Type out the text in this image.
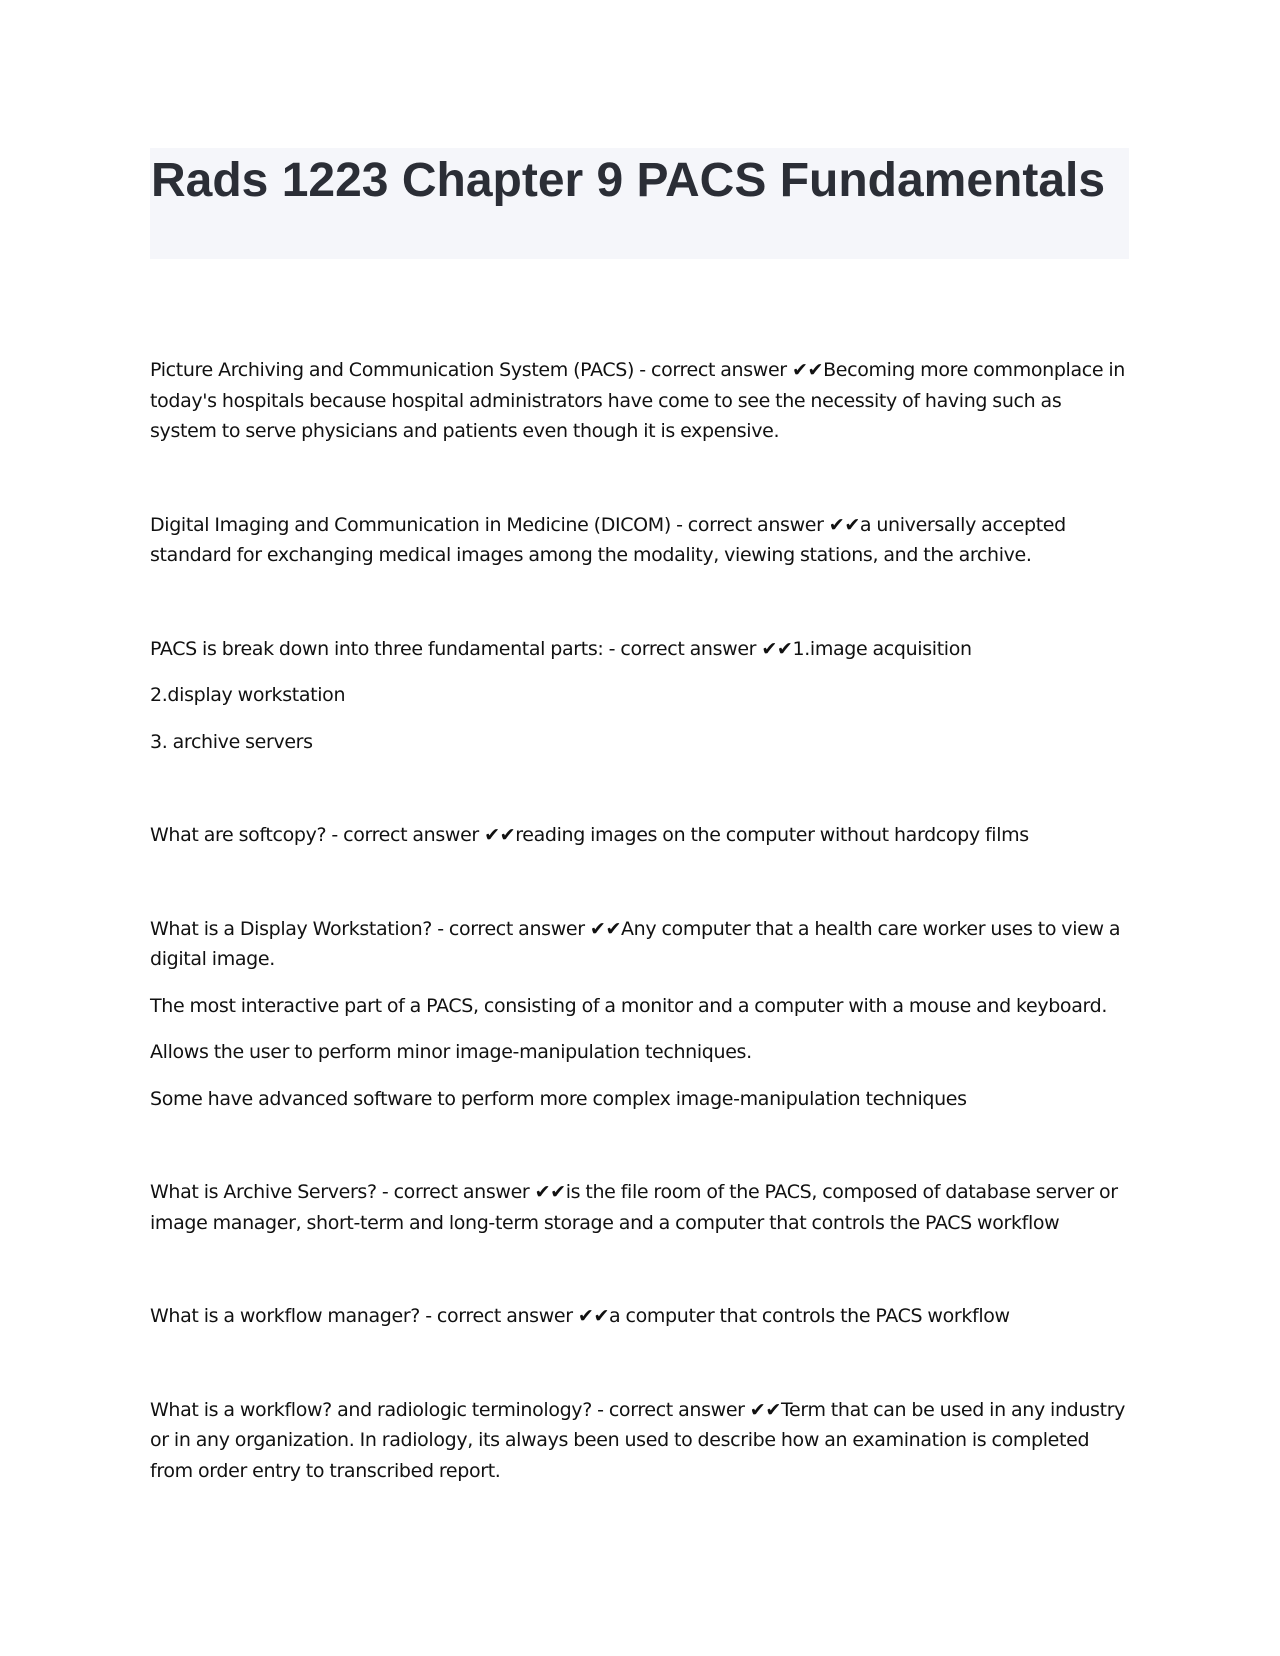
Rads 1223 Chapter 9 PACS Fundamentals

Picture Archiving and Communication System (PACS) - correct answer ✔✔Becoming more commonplace in today's hospitals because hospital administrators have come to see the necessity of having such as system to serve physicians and patients even though it is expensive.

Digital Imaging and Communication in Medicine (DICOM) - correct answer ✔✔a universally accepted standard for exchanging medical images among the modality, viewing stations, and the archive.

PACS is break down into three fundamental parts: - correct answer ✔✔1.image acquisition

2.display workstation

3. archive servers

What are softcopy? - correct answer ✔✔reading images on the computer without hardcopy films

What is a Display Workstation? - correct answer ✔✔Any computer that a health care worker uses to view a digital image.

The most interactive part of a PACS, consisting of a monitor and a computer with a mouse and keyboard.

Allows the user to perform minor image-manipulation techniques.

Some have advanced software to perform more complex image-manipulation techniques

What is Archive Servers? - correct answer ✔✔is the file room of the PACS, composed of database server or image manager, short-term and long-term storage and a computer that controls the PACS workflow

What is a workflow manager? - correct answer ✔✔a computer that controls the PACS workflow

What is a workflow? and radiologic terminology? - correct answer ✔✔Term that can be used in any industry or in any organization. In radiology, its always been used to describe how an examination is completed from order entry to transcribed report.
